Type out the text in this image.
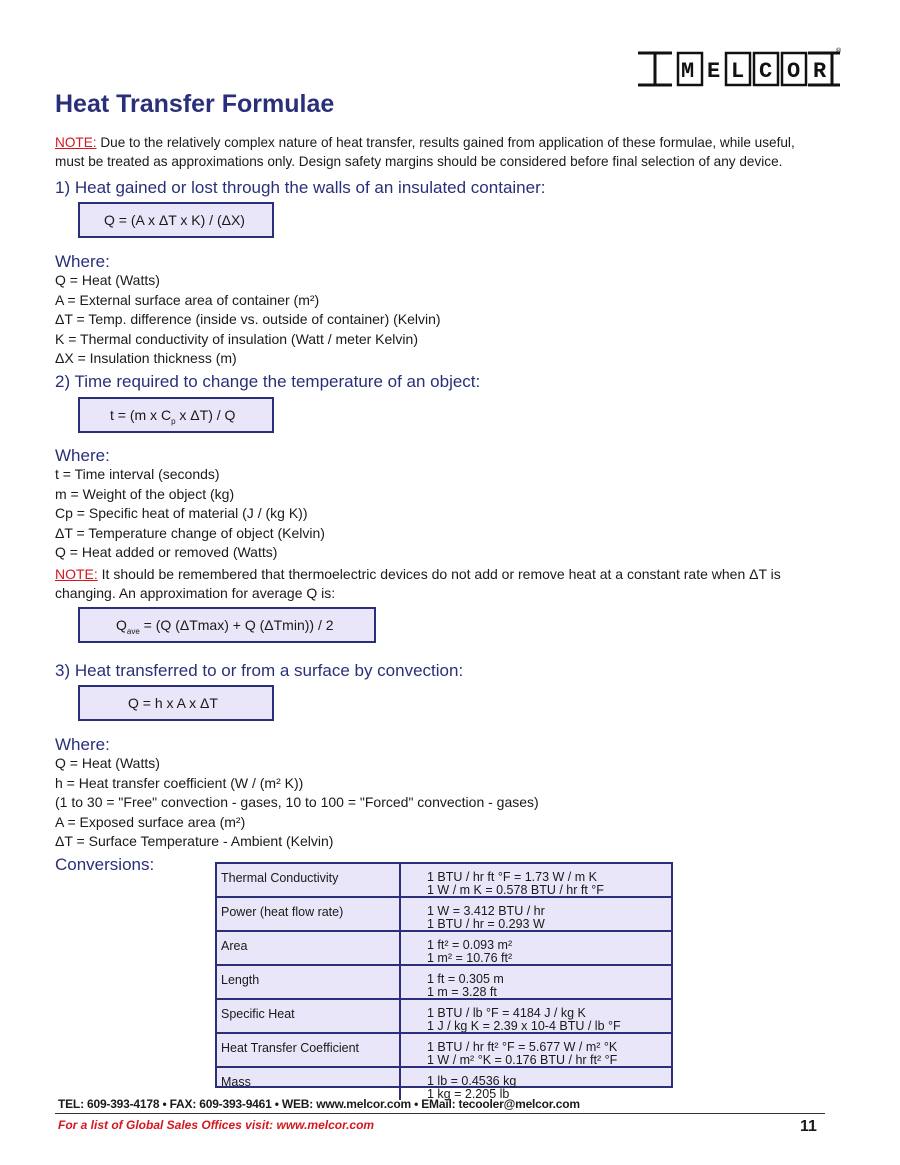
M E L C O R
®
Heat Transfer Formulae
NOTE: Due to the relatively complex nature of heat transfer, results gained from application of these formulae, while useful,
must be treated as approximations only. Design safety margins should be considered before final selection of any device.
1) Heat gained or lost through the walls of an insulated container:
Q = (A x ΔT x K) / (ΔX)
Where:
Q = Heat (Watts)
A = External surface area of container (m²)
ΔT = Temp. difference (inside vs. outside of container) (Kelvin)
K = Thermal conductivity of insulation (Watt / meter Kelvin)
ΔX = Insulation thickness (m)
2) Time required to change the temperature of an object:
t = (m x $C_p$ x ΔT) / Q
Where:
t = Time interval (seconds)
m = Weight of the object (kg)
Cp = Specific heat of material (J / (kg K))
ΔT = Temperature change of object (Kelvin)
Q = Heat added or removed (Watts)
NOTE: It should be remembered that thermoelectric devices do not add or remove heat at a constant rate when ΔT is
changing. An approximation for average Q is:
$Q_{ave} = (Q$ (ΔTmax) + Q (ΔTmin)) / 2
3) Heat transferred to or from a surface by convection:
Q = h x A x ΔT
Where:
Q = Heat (Watts)
h = Heat transfer coefficient (W / (m² K))
(1 to 30 = "Free" convection - gases, 10 to 100 = "Forced" convection - gases)
A = Exposed surface area (m²)
ΔT = Surface Temperature - Ambient (Kelvin)
Conversions:
Thermal Conductivity	1 BTU / hr ft °F = 1.73 W / m K
1 W / m K = 0.578 BTU / hr ft °F
Power (heat flow rate)	1 W = 3.412 BTU / hr
1 BTU / hr = 0.293 W
Area	1 ft² = 0.093 m²
1 m² = 10.76 ft²
Length	1 ft = 0.305 m
1 m = 3.28 ft
Specific Heat	1 BTU / lb °F = 4184 J / kg K
1 J / kg K = 2.39 x 10-4 BTU / lb °F
Heat Transfer Coefficient	1 BTU / hr ft² °F = 5.677 W / m² °K
1 W / m² °K = 0.176 BTU / hr ft² °F
Mass	1 lb = 0.4536 kg
1 kg = 2.205 lb
TEL: 609-393-4178 • FAX: 609-393-9461 • WEB: www.melcor.com • EMail: tecooler@melcor.com
For a list of Global Sales Offices visit: www.melcor.com	11
